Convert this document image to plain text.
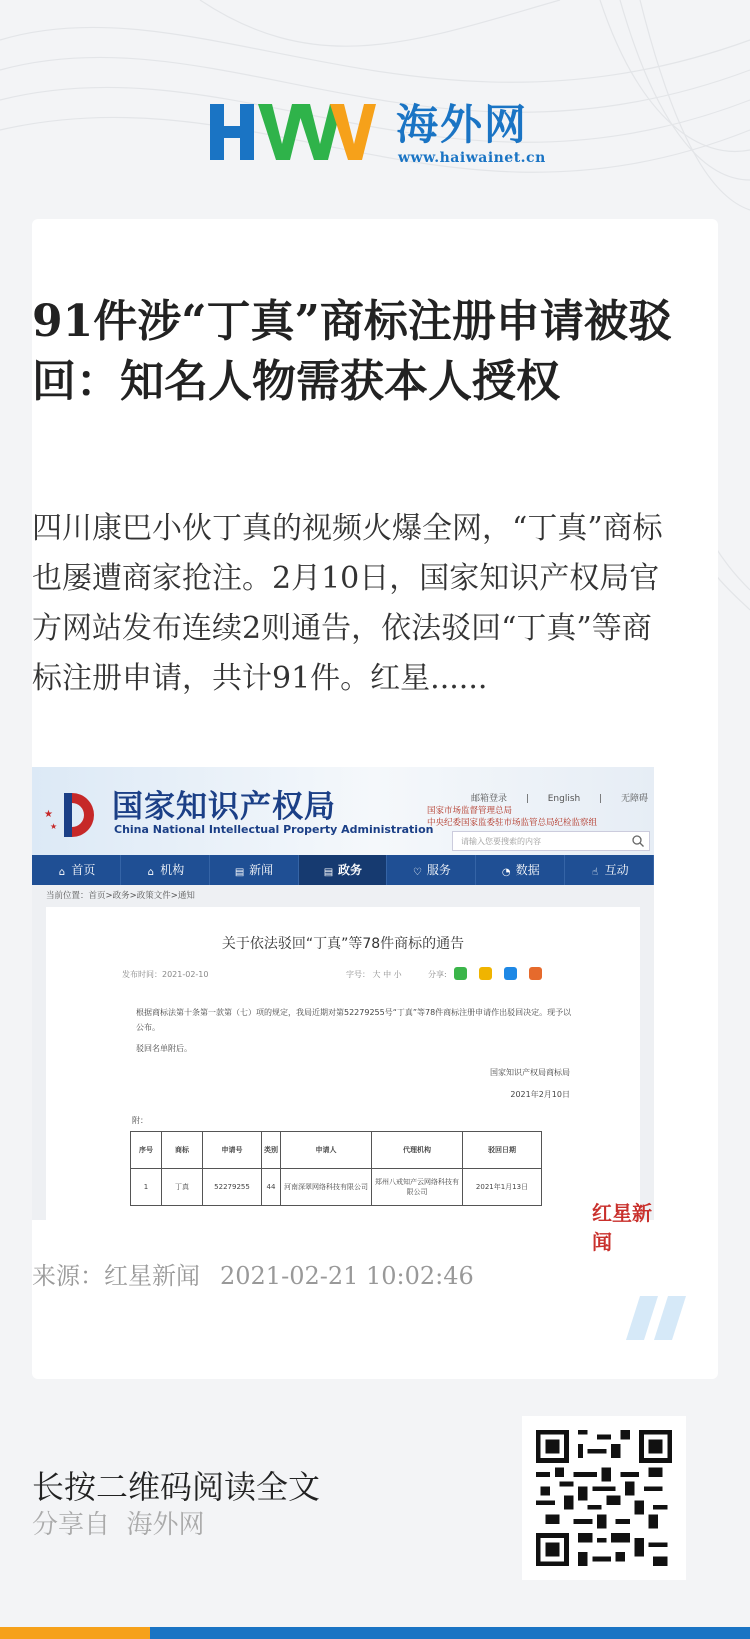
海外网
www.haiwainet.cn
91件涉“丁真”商标注册申请被驳回：知名人物需获本人授权

四川康巴小伙丁真的视频火爆全网，“丁真”商标也屡遭商家抢注。2月10日，国家知识产权局官方网站发布连续2则通告，依法驳回“丁真”等商标注册申请，共计91件。红星......

★
★
国家知识产权局
China National Intellectual Property Administration
邮箱登录 | English | 无障碍
国家市场监督管理总局
中央纪委国家监委驻市场监管总局纪检监察组
请输入您要搜索的内容
⌂ 首页	⌂ 机构	▤ 新闻	▤ 政务	♡ 服务	◔ 数据	☝ 互动
当前位置：首页>政务>政策文件>通知
关于依法驳回“丁真”等78件商标的通告
发布时间：2021-02-10	字号： 大 中 小	分享:
根据商标法第十条第一款第（七）项的规定，我局近期对第52279255号“丁真”等78件商标注册申请作出驳回决定。现予以公布。
驳回名单附后。
国家知识产权局商标局
2021年2月10日
附：
序号	商标	申请号	类别	申请人	代理机构	驳回日期
1	丁真	52279255	44	河南深翠网络科技有限公司	郑州八戒知产云网络科技有限公司	2021年1月13日
红星新闻
来源：红星新闻 2021-02-21 10:02:46
长按二维码阅读全文
分享自 海外网
